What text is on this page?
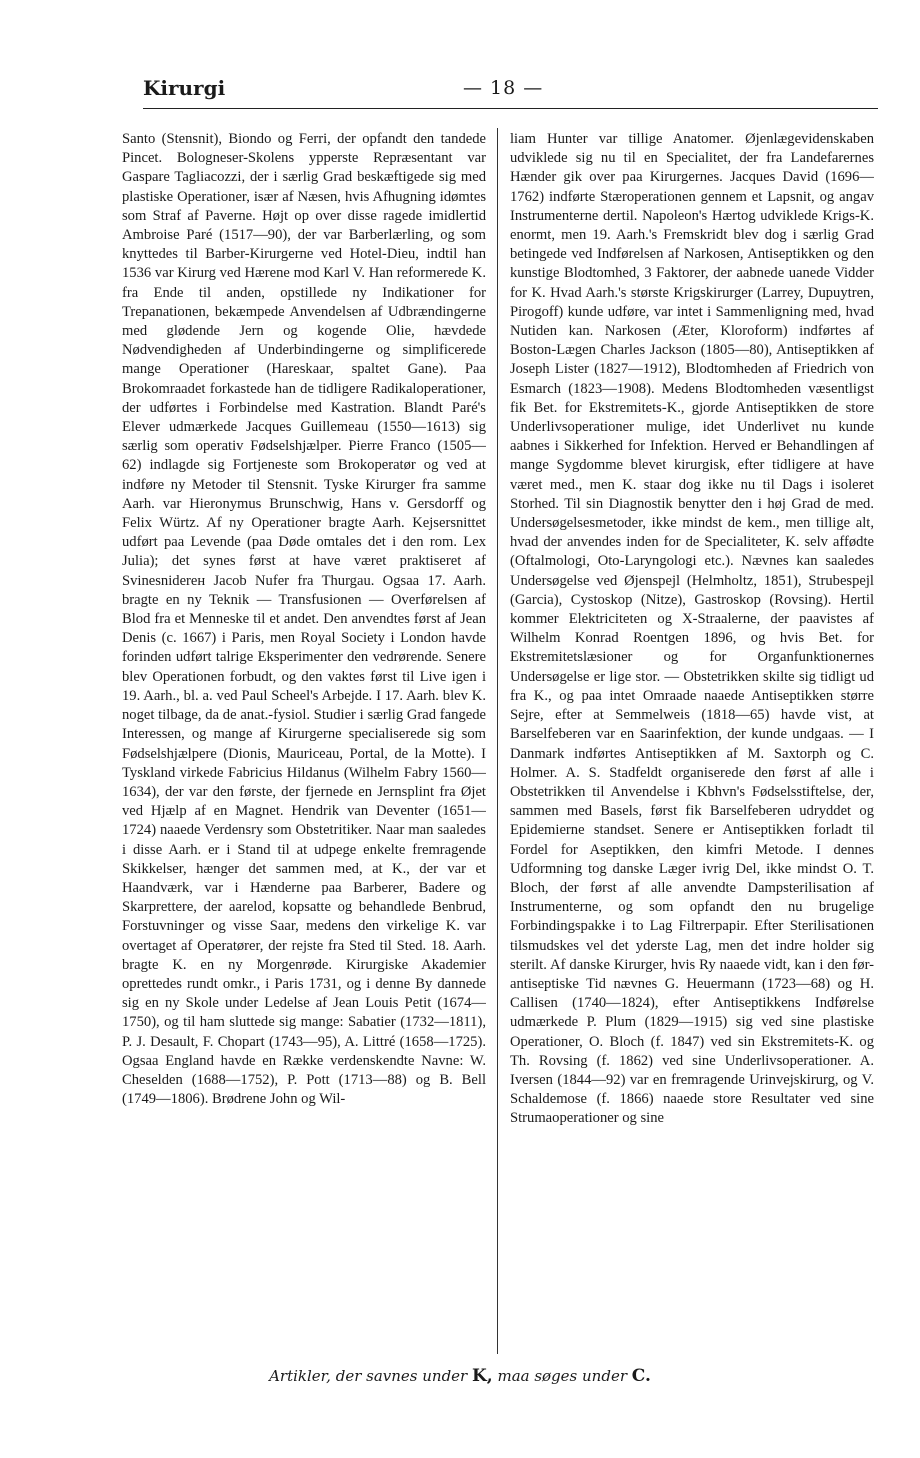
Kirurgi	— 18 —
Santo (Stensnit), Biondo og Ferri, der opfandt den tandede Pincet. Bologneser-Skolens ypperste Repræsentant var Gaspare Tagliacozzi, der i særlig Grad beskæftigede sig med plastiske Operationer, især af Næsen, hvis Afhugning idømtes som Straf af Paverne. Højt op over disse ragede imidlertid Ambroise Paré (1517—90), der var Barberlærling, og som knyttedes til Barber-Kirurgerne ved Hotel-Dieu, indtil han 1536 var Kirurg ved Hærene mod Karl V. Han reformerede K. fra Ende til anden, opstillede ny Indikationer for Trepanationen, bekæmpede Anvendelsen af Udbrændingerne med glødende Jern og kogende Olie, hævdede Nødvendigheden af Underbindingerne og simplificerede mange Operationer (Hareskaar, spaltet Gane). Paa Brokomraadet forkastede han de tidligere Radikaloperationer, der udførtes i Forbindelse med Kastration. Blandt Paré's Elever udmærkede Jacques Guillemeau (1550—1613) sig særlig som operativ Fødselshjælper. Pierre Franco (1505—62) indlagde sig Fortjeneste som Brokoperatør og ved at indføre ny Metoder til Stensnit. Tyske Kirurger fra samme Aarh. var Hieronymus Brunschwig, Hans v. Gersdorff og Felix Würtz. Af ny Operationer bragte Aarh. Kejsersnittet udført paa Levende (paa Døde omtales det i den rom. Lex Julia); det synes først at have været praktiseret af Svinesniderен Jacob Nufer fra Thurgau. Ogsaa 17. Aarh. bragte en ny Teknik — Transfusionen — Overførelsen af Blod fra et Menneske til et andet. Den anvendtes først af Jean Denis (c. 1667) i Paris, men Royal Society i London havde forinden udført talrige Eksperimenter den vedrørende. Senere blev Operationen forbudt, og den vaktes først til Live igen i 19. Aarh., bl. a. ved Paul Scheel's Arbejde. I 17. Aarh. blev K. noget tilbage, da de anat.-fysiol. Studier i særlig Grad fangede Interessen, og mange af Kirurgerne specialiserede sig som Fødselshjælpere (Dionis, Mauriceau, Portal, de la Motte). I Tyskland virkede Fabricius Hildanus (Wilhelm Fabry 1560—1634), der var den første, der fjernede en Jernsplint fra Øjet ved Hjælp af en Magnet. Hendrik van Deventer (1651—1724) naaede Verdensry som Obstetritiker. Naar man saaledes i disse Aarh. er i Stand til at udpege enkelte fremragende Skikkelser, hænger det sammen med, at K., der var et Haandværk, var i Hænderne paa Barberer, Badere og Skarprettere, der aarelod, kopsatte og behandlede Benbrud, Forstuvninger og visse Saar, medens den virkelige K. var overtaget af Operatører, der rejste fra Sted til Sted. 18. Aarh. bragte K. en ny Morgenrøde. Kirurgiske Akademier oprettedes rundt omkr., i Paris 1731, og i denne By dannede sig en ny Skole under Ledelse af Jean Louis Petit (1674—1750), og til ham sluttede sig mange: Sabatier (1732—1811), P. J. Desault, F. Chopart (1743—95), A. Littré (1658—1725). Ogsaa England havde en Række verdenskendte Navne: W. Cheselden (1688—1752), P. Pott (1713—88) og B. Bell (1749—1806). Brødrene John og Wil-
liam Hunter var tillige Anatomer. Øjenlægevidenskaben udviklede sig nu til en Specialitet, der fra Landefarernes Hænder gik over paa Kirurgernes. Jacques David (1696—1762) indførte Stæroperationen gennem et Lapsnit, og angav Instrumenterne dertil. Napoleon's Hærtog udviklede Krigs-K. enormt, men 19. Aarh.'s Fremskridt blev dog i særlig Grad betingede ved Indførelsen af Narkosen, Antiseptikken og den kunstige Blodtomhed, 3 Faktorer, der aabnede uanede Vidder for K. Hvad Aarh.'s største Krigskirurger (Larrey, Dupuytren, Pirogoff) kunde udføre, var intet i Sammenligning med, hvad Nutiden kan. Narkosen (Æter, Kloroform) indførtes af Boston-Lægen Charles Jackson (1805—80), Antiseptikken af Joseph Lister (1827—1912), Blodtomheden af Friedrich von Esmarch (1823—1908). Medens Blodtomheden væsentligst fik Bet. for Ekstremitets-K., gjorde Antiseptikken de store Underlivsoperationer mulige, idet Underlivet nu kunde aabnes i Sikkerhed for Infektion. Herved er Behandlingen af mange Sygdomme blevet kirurgisk, efter tidligere at have været med., men K. staar dog ikke nu til Dags i isoleret Storhed. Til sin Diagnostik benytter den i høj Grad de med. Undersøgelsesmetoder, ikke mindst de kem., men tillige alt, hvad der anvendes inden for de Specialiteter, K. selv affødte (Oftalmologi, Oto-Laryngologi etc.). Nævnes kan saaledes Undersøgelse ved Øjenspejl (Helmholtz, 1851), Strubespejl (Garcia), Cystoskop (Nitze), Gastroskop (Rovsing). Hertil kommer Elektriciteten og X-Straalerne, der paavistes af Wilhelm Konrad Roentgen 1896, og hvis Bet. for Ekstremitetslæsioner og for Organfunktionernes Undersøgelse er lige stor. — Obstetrikken skilte sig tidligt ud fra K., og paa intet Omraade naaede Antiseptikken større Sejre, efter at Semmelweis (1818—65) havde vist, at Barselfeberen var en Saarinfektion, der kunde undgaas. — I Danmark indførtes Antiseptikken af M. Saxtorph og C. Holmer. A. S. Stadfeldt organiserede den først af alle i Obstetrikken til Anvendelse i Kbhvn's Fødselsstiftelse, der, sammen med Basels, først fik Barselfeberen udryddet og Epidemierne standset. Senere er Antiseptikken forladt til Fordel for Aseptikken, den kimfri Metode. I dennes Udformning tog danske Læger ivrig Del, ikke mindst O. T. Bloch, der først af alle anvendte Dampsterilisation af Instrumenterne, og som opfandt den nu brugelige Forbindingspakke i to Lag Filtrerpapir. Efter Sterilisationen tilsmudskes vel det yderste Lag, men det indre holder sig sterilt. Af danske Kirurger, hvis Ry naaede vidt, kan i den før-antiseptiske Tid nævnes G. Heuermann (1723—68) og H. Callisen (1740—1824), efter Antiseptikkens Indførelse udmærkede P. Plum (1829—1915) sig ved sine plastiske Operationer, O. Bloch (f. 1847) ved sin Ekstremitets-K. og Th. Rovsing (f. 1862) ved sine Underlivsoperationer. A. Iversen (1844—92) var en fremragende Urinvejskirurg, og V. Schaldemose (f. 1866) naaede store Resultater ved sine Strumaoperationer og sine
Artikler, der savnes under K, maa søges under C.
